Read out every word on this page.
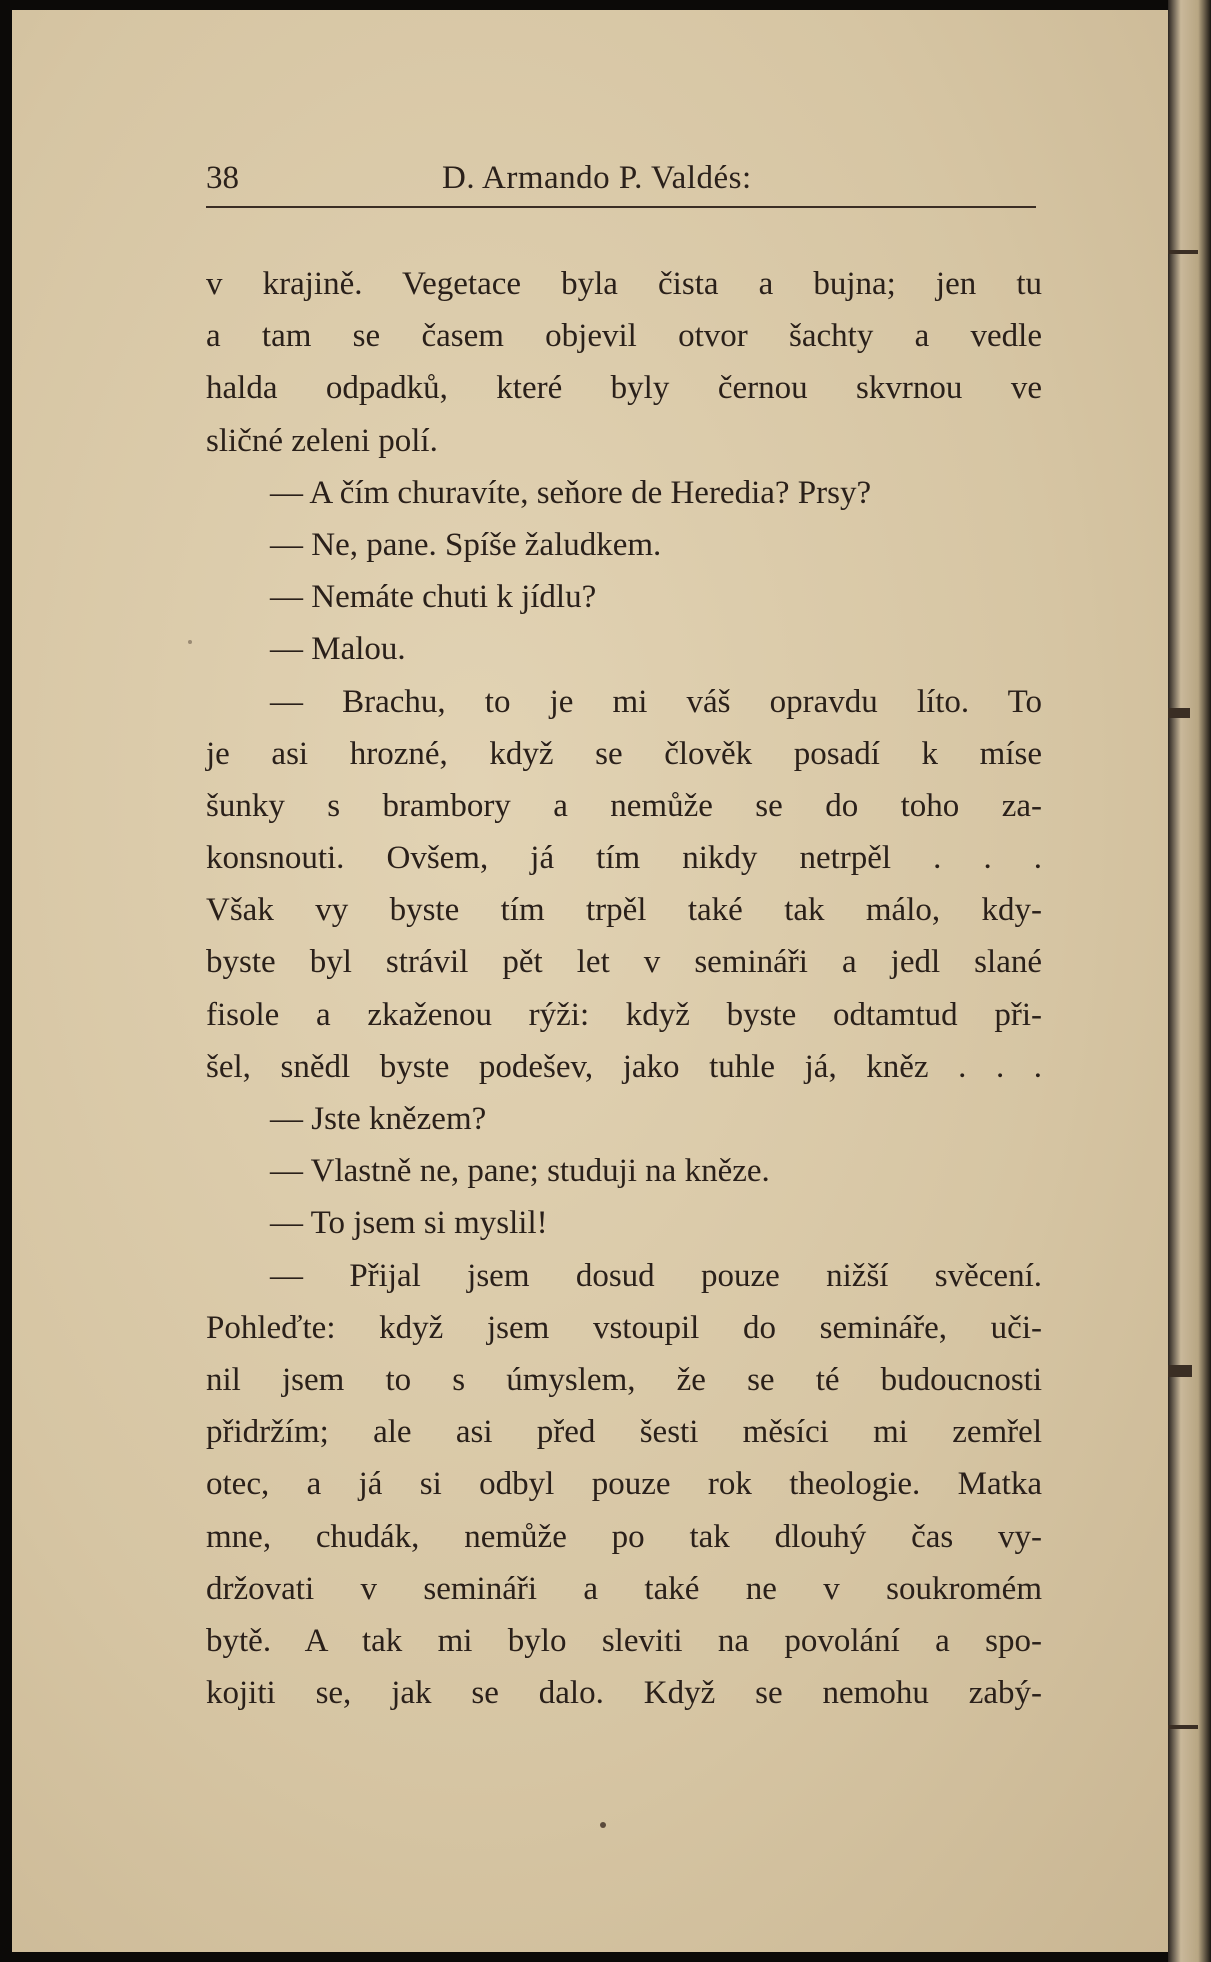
38	D. Armando P. Valdés:
v krajině. Vegetace byla čista a bujna; jen tu
a tam se časem objevil otvor šachty a vedle
halda odpadků, které byly černou skvrnou ve
sličné zeleni polí.
— A čím churavíte, seňore de Heredia? Prsy?
— Ne, pane. Spíše žaludkem.
— Nemáte chuti k jídlu?
— Malou.
— Brachu, to je mi váš opravdu líto. To
je asi hrozné, když se člověk posadí k míse
šunky s brambory a nemůže se do toho za-
konsnouti. Ovšem, já tím nikdy netrpěl . . .
Však vy byste tím trpěl také tak málo, kdy-
byste byl strávil pět let v semináři a jedl slané
fisole a zkaženou rýži: když byste odtamtud při-
šel, snědl byste podešev, jako tuhle já, kněz . . .
— Jste knězem?
— Vlastně ne, pane; studuji na kněze.
— To jsem si myslil!
— Přijal jsem dosud pouze nižší svěcení.
Pohleďte: když jsem vstoupil do semináře, uči-
nil jsem to s úmyslem, že se té budoucnosti
přidržím; ale asi před šesti měsíci mi zemřel
otec, a já si odbyl pouze rok theologie. Matka
mne, chudák, nemůže po tak dlouhý čas vy-
držovati v semináři a také ne v soukromém
bytě. A tak mi bylo sleviti na povolání a spo-
kojiti se, jak se dalo. Když se nemohu zabý-
